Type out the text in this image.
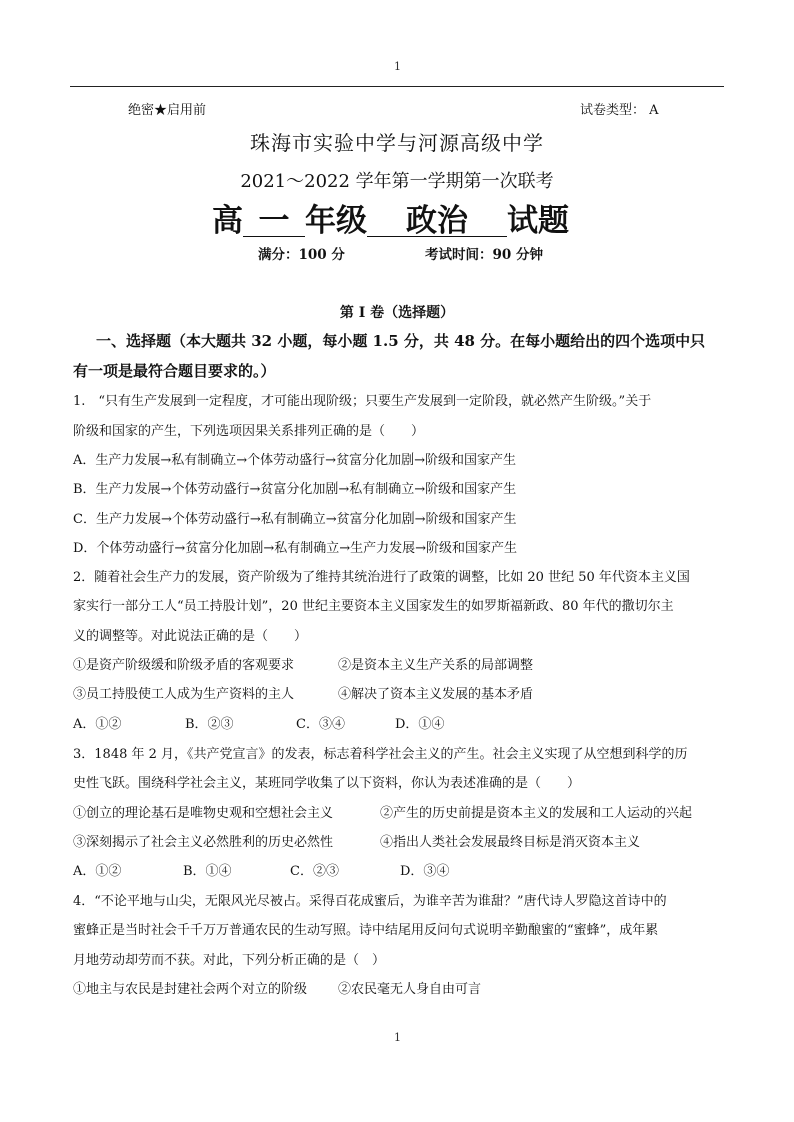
1
绝密★启用前	试卷类型： A
珠海市实验中学与河源高级中学
2021～2022 学年第一学期第一次联考
高 一 年级 政治 试题
满分：100 分	考试时间：90 分钟
第 I 卷（选择题）
一、选择题（本大题共 32 小题，每小题 1.5 分，共 48 分。在每小题给出的四个选项中只
有一项是最符合题目要求的。）
1.　“只有生产发展到一定程度，才可能出现阶级；只要生产发展到一定阶段，就必然产生阶级。”关于
阶级和国家的产生，下列选项因果关系排列正确的是（　　）
A．生产力发展→私有制确立→个体劳动盛行→贫富分化加剧→阶级和国家产生
B．生产力发展→个体劳动盛行→贫富分化加剧→私有制确立→阶级和国家产生
C．生产力发展→个体劳动盛行→私有制确立→贫富分化加剧→阶级和国家产生
D．个体劳动盛行→贫富分化加剧→私有制确立→生产力发展→阶级和国家产生
2．随着社会生产力的发展，资产阶级为了维持其统治进行了政策的调整，比如 20 世纪 50 年代资本主义国
家实行一部分工人“员工持股计划”，20 世纪主要资本主义国家发生的如罗斯福新政、80 年代的撒切尔主
义的调整等。对此说法正确的是（　　）
①是资产阶级缓和阶级矛盾的客观要求	②是资本主义生产关系的局部调整
③员工持股使工人成为生产资料的主人	④解决了资本主义发展的基本矛盾
A．①②	B．②③	C．③④	D．①④
3．1848 年 2 月，《共产党宣言》的发表，标志着科学社会主义的产生。社会主义实现了从空想到科学的历
史性飞跃。围绕科学社会主义，某班同学收集了以下资料，你认为表述准确的是（　　）
①创立的理论基石是唯物史观和空想社会主义	②产生的历史前提是资本主义的发展和工人运动的兴起
③深刻揭示了社会主义必然胜利的历史必然性	④指出人类社会发展最终目标是消灭资本主义
A．①②	B．①④	C．②③	D．③④
4．“不论平地与山尖，无限风光尽被占。采得百花成蜜后，为谁辛苦为谁甜？”唐代诗人罗隐这首诗中的
蜜蜂正是当时社会千千万万普通农民的生动写照。诗中结尾用反问句式说明辛勤酿蜜的“蜜蜂”，成年累
月地劳动却劳而不获。对此，下列分析正确的是（　）
①地主与农民是封建社会两个对立的阶级 ②农民毫无人身自由可言
1
